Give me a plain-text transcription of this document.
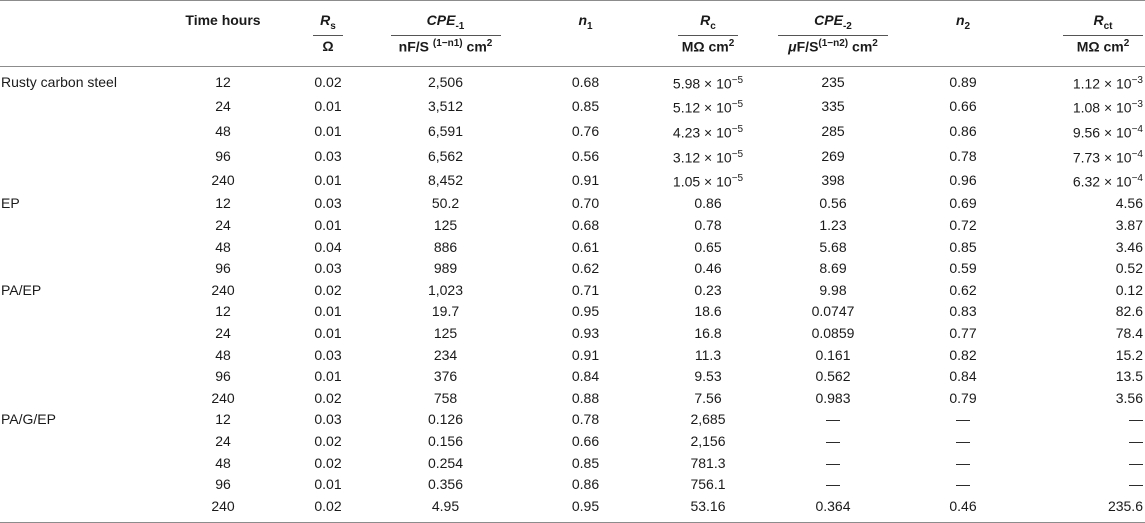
	Time hours	$R_s$	$CPE_{-1}$	$n_1$	$R_c$	$CPE_{-2}$	$n_2$	$R_{ct}$

		Ω	nF/S $^{(1-n1)}$ $cm^2$		MΩ $cm^2$	$\mu F/S^{(1-n2)}$ $cm^2$		MΩ $cm^2$
Rusty carbon steel	12	0.02	2,506	0.68	$5.98 \times 10^{-5}$	235	0.89	$1.12 \times 10^{-3}$
	24	0.01	3,512	0.85	$5.12 \times 10^{-5}$	335	0.66	$1.08 \times 10^{-3}$
	48	0.01	6,591	0.76	$4.23 \times 10^{-5}$	285	0.86	$9.56 \times 10^{-4}$
	96	0.03	6,562	0.56	$3.12 \times 10^{-5}$	269	0.78	$7.73 \times 10^{-4}$
	240	0.01	8,452	0.91	$1.05 \times 10^{-5}$	398	0.96	$6.32 \times 10^{-4}$
EP	12	0.03	50.2	0.70	0.86	0.56	0.69	4.56
	24	0.01	125	0.68	0.78	1.23	0.72	3.87
	48	0.04	886	0.61	0.65	5.68	0.85	3.46
	96	0.03	989	0.62	0.46	8.69	0.59	0.52
PA/EP	240	0.02	1,023	0.71	0.23	9.98	0.62	0.12
	12	0.01	19.7	0.95	18.6	0.0747	0.83	82.6
	24	0.01	125	0.93	16.8	0.0859	0.77	78.4
	48	0.03	234	0.91	11.3	0.161	0.82	15.2
	96	0.01	376	0.84	9.53	0.562	0.84	13.5
	240	0.02	758	0.88	7.56	0.983	0.79	3.56
PA/G/EP	12	0.03	0.126	0.78	2,685	—	—	—
	24	0.02	0.156	0.66	2,156	—	—	—
	48	0.02	0.254	0.85	781.3	—	—	—
	96	0.01	0.356	0.86	756.1	—	—	—
	240	0.02	4.95	0.95	53.16	0.364	0.46	235.6
